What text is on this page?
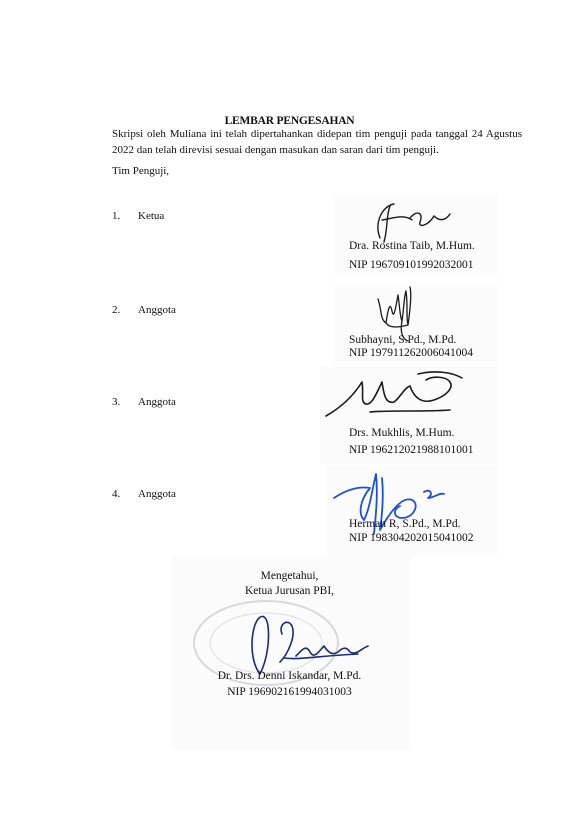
LEMBAR PENGESAHAN
Skripsi oleh Muliana ini telah dipertahankan didepan tim penguji pada tanggal 24 Agustus 2022 dan telah direvisi sesuai dengan masukan dan saran dari tim penguji.
Tim Penguji,
1. Ketua
Dra. Rostina Taib, M.Hum.
NIP 196709101992032001
2. Anggota
Subhayni, S.Pd., M.Pd.
NIP 197911262006041004
3. Anggota
Drs. Mukhlis, M.Hum.
NIP 196212021988101001
4. Anggota
Herman R, S.Pd., M.Pd.
NIP 198304202015041002
Mengetahui,
Ketua Jurusan PBI,
Dr. Drs. Denni Iskandar, M.Pd.
NIP 196902161994031003
